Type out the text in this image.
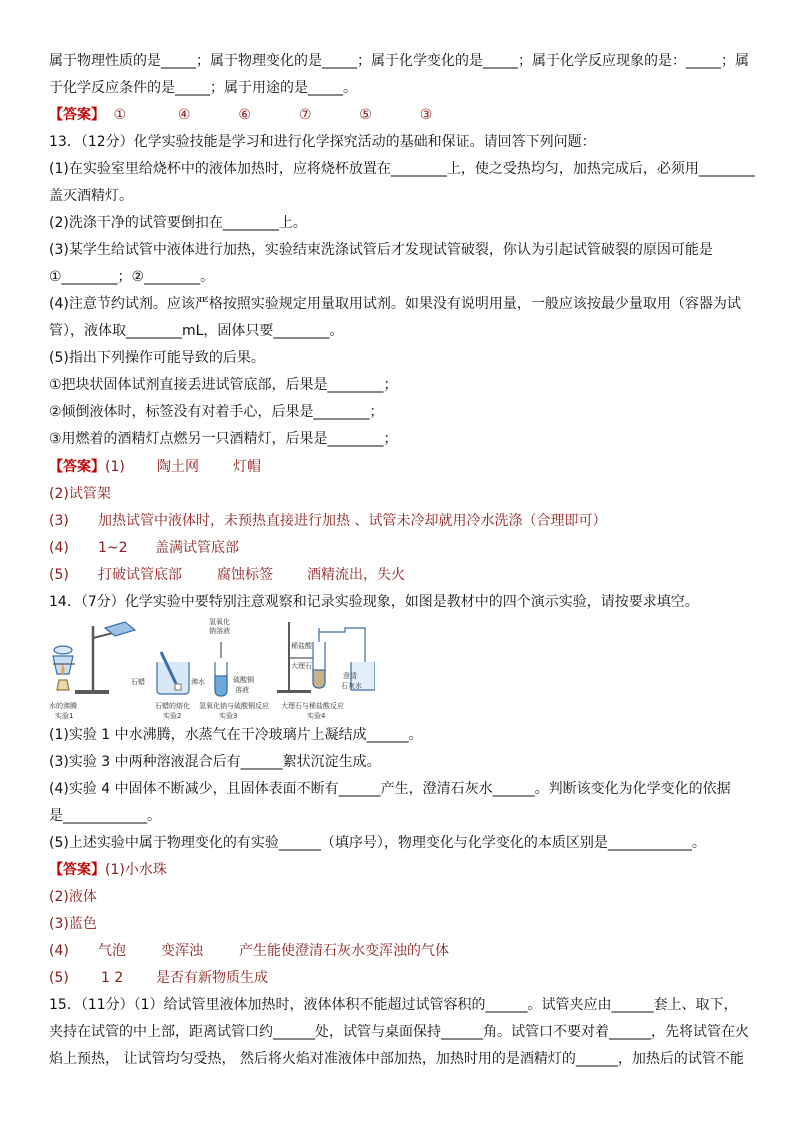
属于物理性质的是_____；属于物理变化的是_____；属于化学变化的是_____；属于化学反应现象的是：_____；属
于化学反应条件的是_____；属于用途的是_____。
【答案】 ①	④	⑥	⑦	⑤	③
13．（12分）化学实验技能是学习和进行化学探究活动的基础和保证。请回答下列问题：
(1)在实验室里给烧杯中的液体加热时，应将烧杯放置在________上，使之受热均匀，加热完成后，必须用________
盖灭酒精灯。
(2)洗涤干净的试管要倒扣在________上。
(3)某学生给试管中液体进行加热，实验结束洗涤试管后才发现试管破裂，你认为引起试管破裂的原因可能是
①________；②________。
(4)注意节约试剂。应该严格按照实验规定用量取用试剂。如果没有说明用量，一般应该按最少量取用（容器为试
管），液体取________mL，固体只要________。
(5)指出下列操作可能导致的后果。
①把块状固体试剂直接丢进试管底部，后果是________；
②倾倒液体时，标签没有对着手心，后果是________；
③用燃着的酒精灯点燃另一只酒精灯，后果是________；
【答案】(1) 陶土网 灯帽
(2)试管架
(3) 加热试管中液体时，未预热直接进行加热 、试管未冷却就用冷水洗涤（合理即可）
(4) 1~2 盖满试管底部
(5) 打破试管底部	腐蚀标签 酒精流出，失火
14．（7分）化学实验中要特别注意观察和记录实验现象，如图是教材中的四个演示实验，请按要求填空。
水的沸腾
实验1
石蜡	沸水
石蜡的熔化
实验2
氢氧化
钠溶液
硫酸铜
溶液
氢氧化钠与硫酸铜反应
实验3
稀盐酸
大理石
澄清
石灰水
大理石与稀盐酸反应
实验4
(1)实验 1 中水沸腾，水蒸气在干冷玻璃片上凝结成______。
(3)实验 3 中两种溶液混合后有______絮状沉淀生成。
(4)实验 4 中固体不断减少，且固体表面不断有______产生，澄清石灰水______。判断该变化为化学变化的依据
是____________。
(5)上述实验中属于物理变化的有实验______（填序号），物理变化与化学变化的本质区别是____________。
【答案】(1)小水珠
(2)液体
(3)蓝色
(4) 气泡	变浑浊	产生能使澄清石灰水变浑浊的气体
(5) 1 2 是否有新物质生成
15．（11分）（1）给试管里液体加热时，液体体积不能超过试管容积的______。试管夹应由______套上、取下，
夹持在试管的中上部，距离试管口约______处，试管与桌面保持______角。试管口不要对着______，先将试管在火
焰上预热， 让试管均匀受热， 然后将火焰对准液体中部加热，加热时用的是酒精灯的______，加热后的试管不能
